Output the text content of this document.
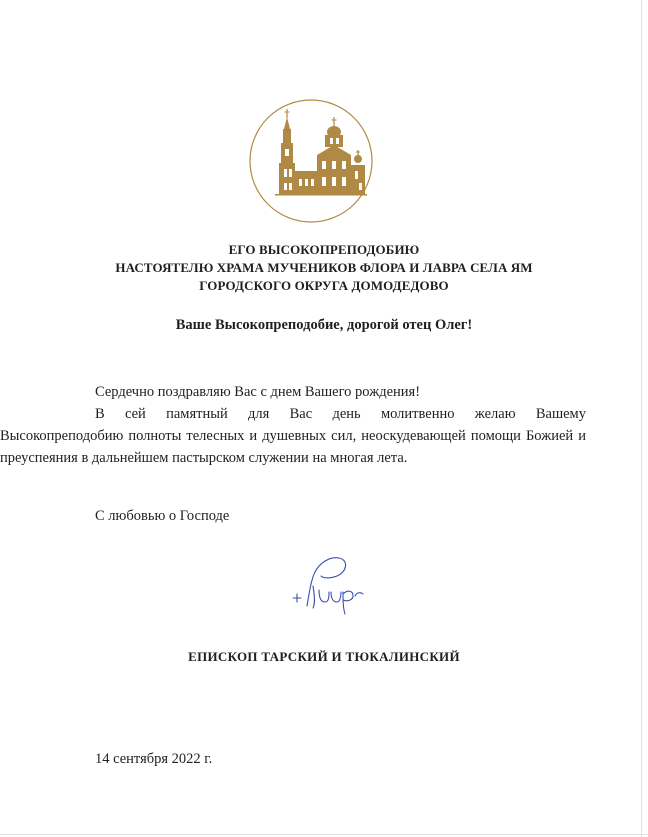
ЕГО ВЫСОКОПРЕПОДОБИЮ
НАСТОЯТЕЛЮ ХРАМА МУЧЕНИКОВ ФЛОРА И ЛАВРА СЕЛА ЯМ
ГОРОДСКОГО ОКРУГА ДОМОДЕДОВО
Ваше Высокопреподобие, дорогой отец Олег!

Сердечно поздравляю Вас с днем Вашего рождения!

В сей памятный для Вас день молитвенно желаю Вашему

Высокопреподобию полноты телесных и душевных сил, неоскудевающей помощи Божией и преуспеяния в дальнейшем пастырском служении на многая лета.

С любовью о Господе
ЕПИСКОП ТАРСКИЙ И ТЮКАЛИНСКИЙ
14 сентября 2022 г.
